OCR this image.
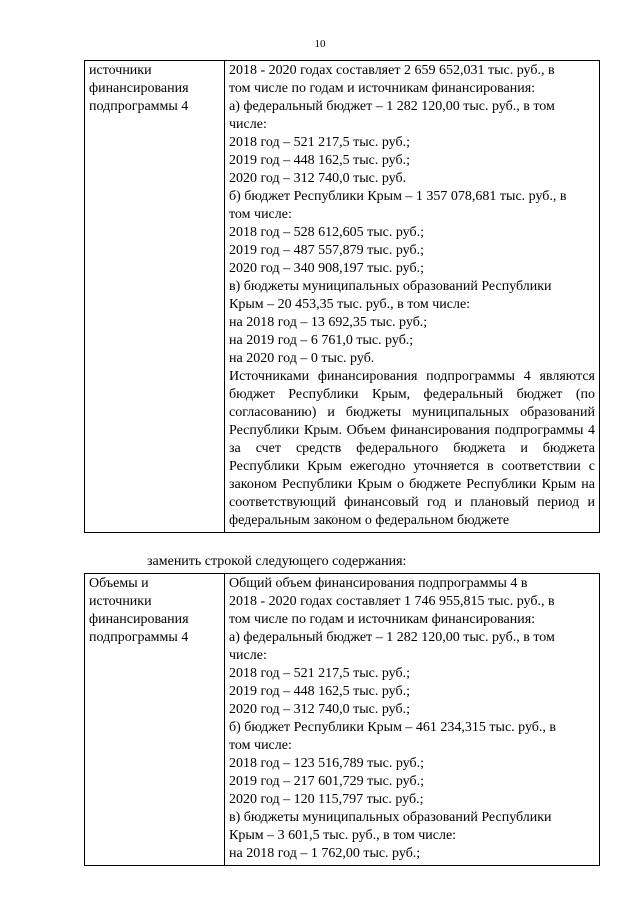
10
источники
финансирования
подпрограммы 4

2018 - 2020 годах составляет 2 659 652,031 тыс. руб., в
том числе по годам и источникам финансирования:
а) федеральный бюджет – 1 282 120,00 тыс. руб., в том
числе:
2018 год – 521 217,5 тыс. руб.;
2019 год – 448 162,5 тыс. руб.;
2020 год – 312 740,0 тыс. руб.
б) бюджет Республики Крым – 1 357 078,681 тыс. руб., в
том числе:
2018 год – 528 612,605 тыс. руб.;
2019 год – 487 557,879 тыс. руб.;
2020 год – 340 908,197 тыс. руб.;
в) бюджеты муниципальных образований Республики
Крым – 20 453,35 тыс. руб., в том числе:
на 2018 год – 13 692,35 тыс. руб.;
на 2019 год – 6 761,0 тыс. руб.;
на 2020 год – 0 тыс. руб.
Источниками финансирования подпрограммы 4 являются бюджет Республики Крым, федеральный бюджет (по согласованию) и бюджеты муниципальных образований Республики Крым. Объем финансирования подпрограммы 4 за счет средств федерального бюджета и бюджета Республики Крым ежегодно уточняется в соответствии с законом Республики Крым о бюджете Республики Крым на соответствующий финансовый год и плановый период и федеральным законом о федеральном бюджете
заменить строкой следующего содержания:
Объемы и
источники
финансирования
подпрограммы 4

Общий объем финансирования подпрограммы 4 в
2018 - 2020 годах составляет 1 746 955,815 тыс. руб., в
том числе по годам и источникам финансирования:
а) федеральный бюджет – 1 282 120,00 тыс. руб., в том
числе:
2018 год – 521 217,5 тыс. руб.;
2019 год – 448 162,5 тыс. руб.;
2020 год – 312 740,0 тыс. руб.;
б) бюджет Республики Крым – 461 234,315 тыс. руб., в
том числе:
2018 год – 123 516,789 тыс. руб.;
2019 год – 217 601,729 тыс. руб.;
2020 год – 120 115,797 тыс. руб.;
в) бюджеты муниципальных образований Республики
Крым – 3 601,5 тыс. руб., в том числе:
на 2018 год – 1 762,00 тыс. руб.;
